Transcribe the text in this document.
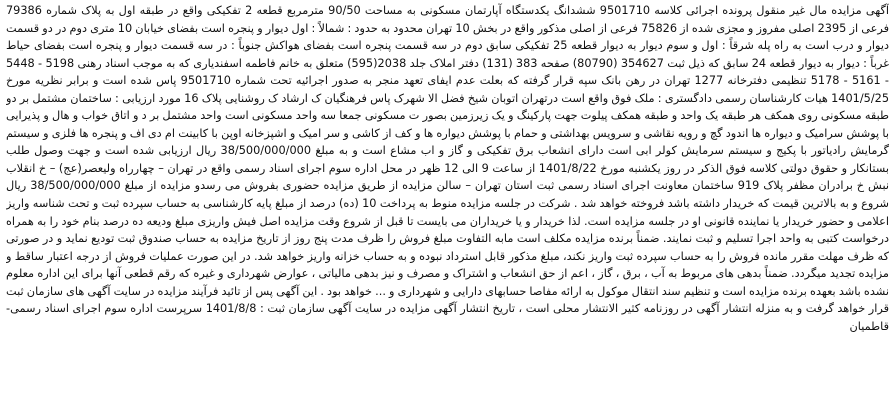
آگهی مزایده مال غیر منقول پرونده اجرائی کلاسه 9501710 ششدانگ یکدستگاه آپارتمان مسکونی به مساحت 90/50 مترمربع قطعه 2 تفکیکی واقع در طبقه اول به پلاک شماره 79386 فرعی از 2395 اصلی مفروز و مجزی شده از 75826 فرعی از اصلی مذکور واقع در بخش 10 تهران محدود به حدود : شمالاً : اول دیوار و پنجره است بفضای خیابان 10 متری دوم در دو قسمت دیوار و درب است به راه پله شرقاً : اول و سوم دیوار به دیوار قطعه 25 تفکیکی سابق دوم در سه قسمت پنجره است بفضای هواکش جنوباً : در سه قسمت دیوار و پنجره است بفضای حیاط غرباً : دیوار به دیوار قطعه 24 سابق که ذیل ثبت 354627 (80790) صفحه 383 (131) دفتر املاک جلد 2038(595) متعلق به خانم فاطمه اسفندیاری که به موجب اسناد رهنی 5198 - 5448 - 5161 - 5178 تنظیمی دفترخانه 1277 تهران در رهن بانک سپه قرار گرفته که بعلت عدم ایفای تعهد منجر به صدور اجرائیه تحت شماره 9501710 پاس شده است و برابر نظریه مورخ 1401/5/25 هیات کارشناسان رسمی دادگستری : ملک فوق واقع است درتهران اتوبان شیخ فضل الا شهرک پاس فرهنگیان ک ارشاد ک روشنایی پلاک 16 مورد ارزیابی : ساختمان مشتمل بر دو طبقه مسکونی روی همکف هر طبقه یک واحد و طبقه همکف پیلوت جهت پارکینگ و یک زیرزمین بصور ت مسکونی جمعا سه واحد مسکونی است واحد مشتمل بر د و اتاق خواب و هال و پذیرایی با پوشش سرامیک و دیواره ها اندود گچ و رویه نقاشی و سرویس بهداشتی و حمام با پوشش دیواره ها و کف از کاشی و سر امیک و اشپزخانه اوپن با کابینت ام دی اف و پنجره ها فلزی و سیستم گرمایش رادیاتور با پکیج و سیستم سرمایش کولر ابی است دارای انشعاب برق تفکیکی و گاز و اب مشاع است و به مبلغ 38/500/000/000 ریال ارزیابی شده است و جهت وصول طلب بستانکار و حقوق دولتی کلاسه فوق الذکر در روز یکشنبه مورخ 1401/8/22 از ساعت 9 الی 12 ظهر در محل اداره سوم اجرای اسناد رسمی واقع در تهران – چهارراه ولیعصر(عج) – خ انقلاب نبش خ برادران مظفر پلاک 919 ساختمان معاونت اجرای اسناد رسمی ثبت استان تهران – سالن مزایده از طریق مزایده حضوری بفروش می رسدو مزایده از مبلغ 38/500/000/000 ریال شروع و به بالاترین قیمت که خریدار داشته باشد فروخته خواهد شد . شرکت در جلسه مزایده منوط به پرداخت 10 (ده) درصد از مبلغ پایه کارشناسی به حساب سپرده ثبت و تحت شناسه واریز اعلامی و حضور خریدار یا نماینده قانونی او در جلسه مزایده است. لذا خریدار و یا خریداران می بایست تا قبل از شروع وقت مزایده اصل فیش واریزی مبلغ ودیعه ده درصد بنام خود را به همراه درخواست کتبی به واحد اجرا تسلیم و ثبت نمایند. ضمناً برنده مزایده مکلف است مابه التفاوت مبلغ فروش را ظرف مدت پنج روز از تاریخ مزایده به حساب صندوق ثبت تودیع نماید و در صورتی که ظرف مهلت مقرر مانده فروش را به حساب سپرده ثبت واریز نکند، مبلغ مذکور قابل استرداد نبوده و به حساب خزانه واریز خواهد شد. در این صورت عملیات فروش از درجه اعتبار ساقط و مزایده تجدید میگردد. ضمناً بدهی های مربوط به آب ، برق ، گاز ، اعم از حق انشعاب و اشتراک و مصرف و نیز بدهی مالیاتی ، عوارض شهرداری و غیره که رقم قطعی آنها برای این اداره معلوم نشده باشد بعهده برنده مزایده است و تنظیم سند انتقال موکول به ارائه مفاصا حسابهای دارایی و شهرداری و ... خواهد بود . این آگهی پس از تائید فرآیند مزایده در سایت آگهی های سازمان ثبت قرار خواهد گرفت و به منزله انتشار آگهی در روزنامه کثیر الانتشار محلی است ، تاریخ انتشار آگهی مزایده در سایت آگهی سازمان ثبت : 1401/8/8 سرپرست اداره سوم اجرای اسناد رسمی- قاطمیان
